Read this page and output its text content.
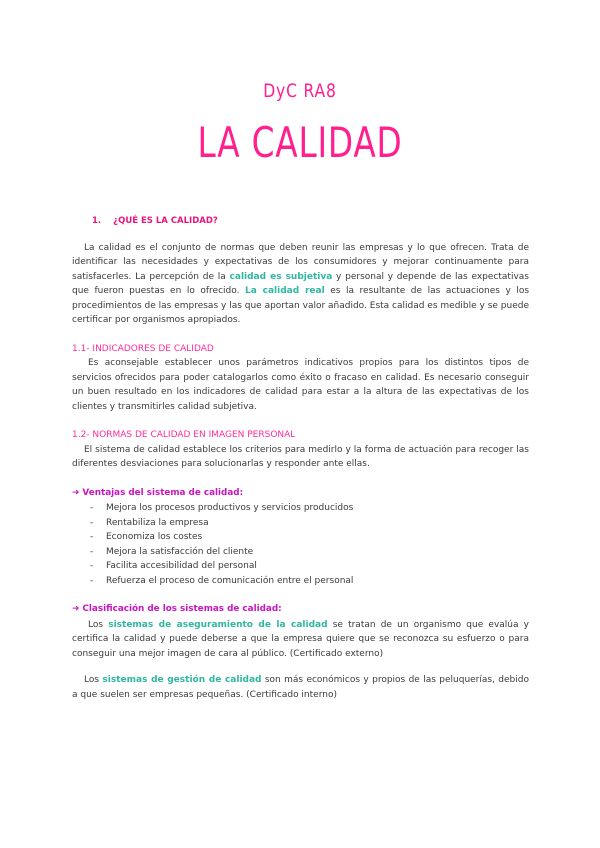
DyC RA8
LA CALIDAD
1. ¿QUÉ ES LA CALIDAD?

La calidad es el conjunto de normas que deben reunir las empresas y lo que ofrecen. Trata de identificar las necesidades y expectativas de los consumidores y mejorar continuamente para satisfacerles. La percepción de la calidad es subjetiva y personal y depende de las expectativas que fueron puestas en lo ofrecido. La calidad real es la resultante de las actuaciones y los procedimientos de las empresas y las que aportan valor añadido. Esta calidad es medible y se puede certificar por organismos apropiados.

1.1- INDICADORES DE CALIDAD

Es aconsejable establecer unos parámetros indicativos propios para los distintos tipos de servicios ofrecidos para poder catalogarlos como éxito o fracaso en calidad. Es necesario conseguir un buen resultado en los indicadores de calidad para estar a la altura de las expectativas de los clientes y transmitirles calidad subjetiva.

1.2- NORMAS DE CALIDAD EN IMAGEN PERSONAL

El sistema de calidad establece los criterios para medirlo y la forma de actuación para recoger las diferentes desviaciones para solucionarlas y responder ante ellas.

➜ Ventajas del sistema de calidad:
- Mejora los procesos productivos y servicios producidos
- Rentabiliza la empresa
- Economiza los costes
- Mejora la satisfacción del cliente
- Facilita accesibilidad del personal
- Refuerza el proceso de comunicación entre el personal
➜ Clasificación de los sistemas de calidad:

Los sistemas de aseguramiento de la calidad se tratan de un organismo que evalúa y certifica la calidad y puede deberse a que la empresa quiere que se reconozca su esfuerzo o para conseguir una mejor imagen de cara al público. (Certificado externo)

Los sistemas de gestión de calidad son más económicos y propios de las peluquerías, debido a que suelen ser empresas pequeñas. (Certificado interno)
